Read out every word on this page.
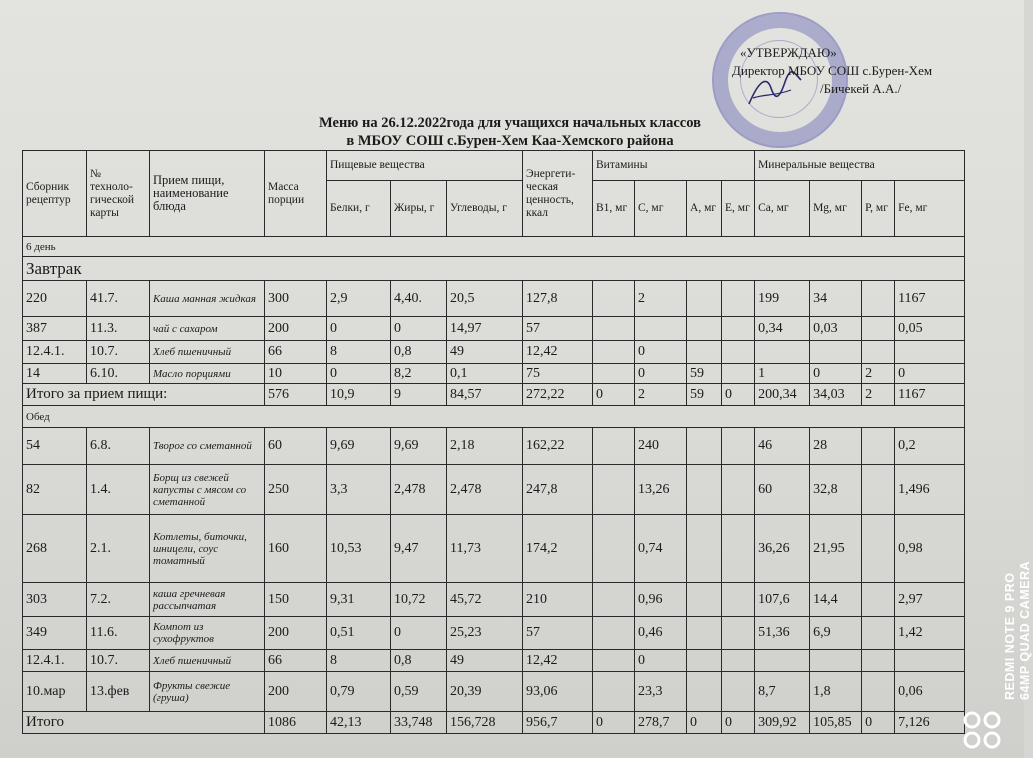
«УТВЕРЖДАЮ»
Директор МБОУ СОШ с.Бурен-Хем
/Бичекей А.А./
Меню на 26.12.2022года для учащихся начальных классов
в МБОУ СОШ с.Бурен-Хем Каа-Хемского района
Сборник рецептур	№ техноло-гической карты	Прием пищи, наименование блюда	Масса порции	Пищевые вещества			Энергети-ческая ценность, ккал	Витамины				Минеральные вещества			
				Белки, г	Жиры, г	Углеводы, г		B1, мг	C, мг	A, мг	E, мг	Ca, мг	Mg, мг	P, мг	Fe, мг
6 день															
Завтрак															
220	41.7.	Каша манная жидкая	300	2,9	4,40.	20,5	127,8		2			199	34		1167
387	11.3.	чай с сахаром	200	0	0	14,97	57					0,34	0,03		0,05
12.4.1.	10.7.	Хлеб пшеничный	66	8	0,8	49	12,42		0						
14	6.10.	Масло порциями	10	0	8,2	0,1	75		0	59		1	0	2	0
Итого за прием пищи:			576	10,9	9	84,57	272,22	0	2	59	0	200,34	34,03	2	1167
Обед															
54	6.8.	Творог со сметанной	60	9,69	9,69	2,18	162,22		240			46	28		0,2
82	1.4.	Борщ из свежей капусты с мясом со сметанной	250	3,3	2,478	2,478	247,8		13,26			60	32,8		1,496
268	2.1.	Котлеты, биточки, шницели, соус томатный	160	10,53	9,47	11,73	174,2		0,74			36,26	21,95		0,98
303	7.2.	каша гречневая рассыпчатая	150	9,31	10,72	45,72	210		0,96			107,6	14,4		2,97
349	11.6.	Компот из сухофруктов	200	0,51	0	25,23	57		0,46			51,36	6,9		1,42
12.4.1.	10.7.	Хлеб пшеничный	66	8	0,8	49	12,42		0						
10.мар	13.фев	Фрукты свежие (груша)	200	0,79	0,59	20,39	93,06		23,3			8,7	1,8		0,06
Итого			1086	42,13	33,748	156,728	956,7	0	278,7	0	0	309,92	105,85	0	7,126
REDMI NOTE 9 PRO 64MP QUAD CAMERA
